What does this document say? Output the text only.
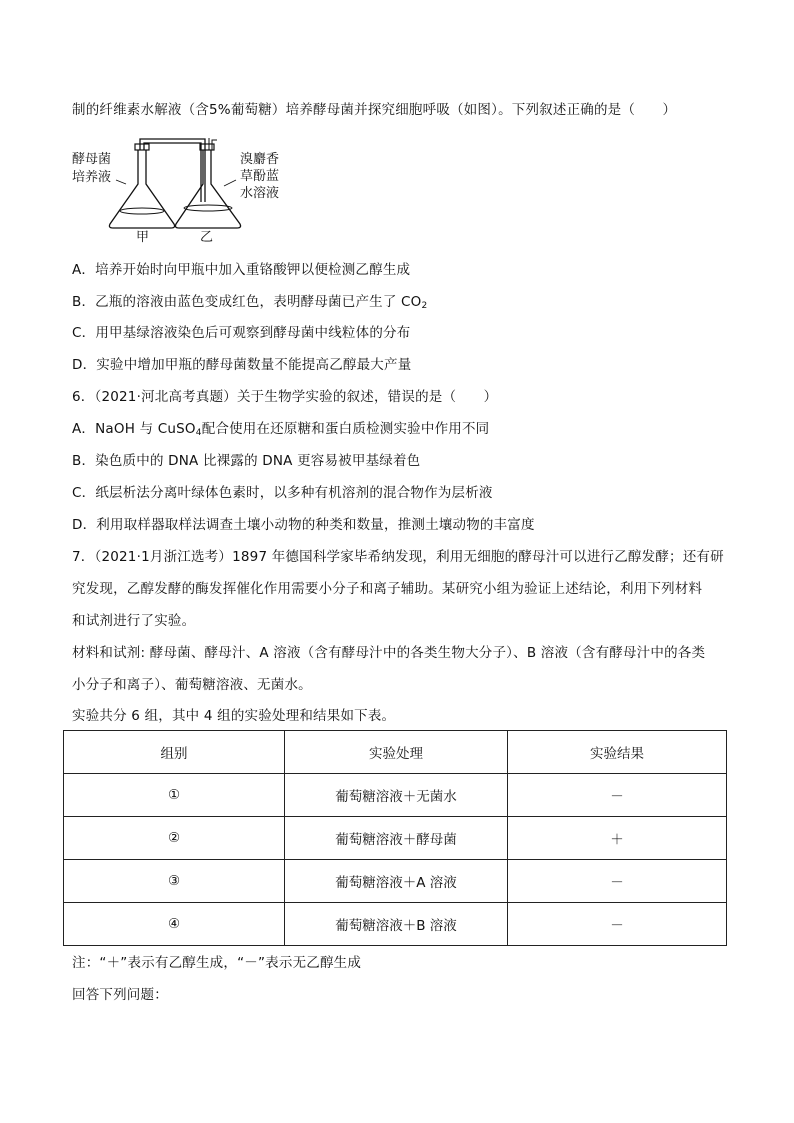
制的纤维素水解液（含5%葡萄糖）培养酵母菌并探究细胞呼吸（如图）。下列叙述正确的是（　　）
酵母菌
培养液
溴麝香
草酚蓝
水溶液
甲	乙
A．培养开始时向甲瓶中加入重铬酸钾以便检测乙醇生成
B．乙瓶的溶液由蓝色变成红色，表明酵母菌已产生了 $CO_2$
C．用甲基绿溶液染色后可观察到酵母菌中线粒体的分布
D．实验中增加甲瓶的酵母菌数量不能提高乙醇最大产量
6．（2021·河北高考真题）关于生物学实验的叙述，错误的是（　　）
A．NaOH 与 CuSO$_4$配合使用在还原糖和蛋白质检测实验中作用不同
B．染色质中的 DNA 比裸露的 DNA 更容易被甲基绿着色
C．纸层析法分离叶绿体色素时，以多种有机溶剂的混合物作为层析液
D．利用取样器取样法调查土壤小动物的种类和数量，推测土壤动物的丰富度
7．（2021·1月浙江选考）1897 年德国科学家毕希纳发现，利用无细胞的酵母汁可以进行乙醇发酵；还有研
究发现，乙醇发酵的酶发挥催化作用需要小分子和离子辅助。某研究小组为验证上述结论，利用下列材料
和试剂进行了实验。
材料和试剂: 酵母菌、酵母汁、A 溶液（含有酵母汁中的各类生物大分子）、B 溶液（含有酵母汁中的各类
小分子和离子）、葡萄糖溶液、无菌水。
实验共分 6 组，其中 4 组的实验处理和结果如下表。
组别	实验处理	实验结果
①	葡萄糖溶液＋无菌水	－
②	葡萄糖溶液＋酵母菌	＋
③	葡萄糖溶液＋A 溶液	－
④	葡萄糖溶液＋B 溶液	－
注：“＋”表示有乙醇生成，“－”表示无乙醇生成
回答下列问题：
